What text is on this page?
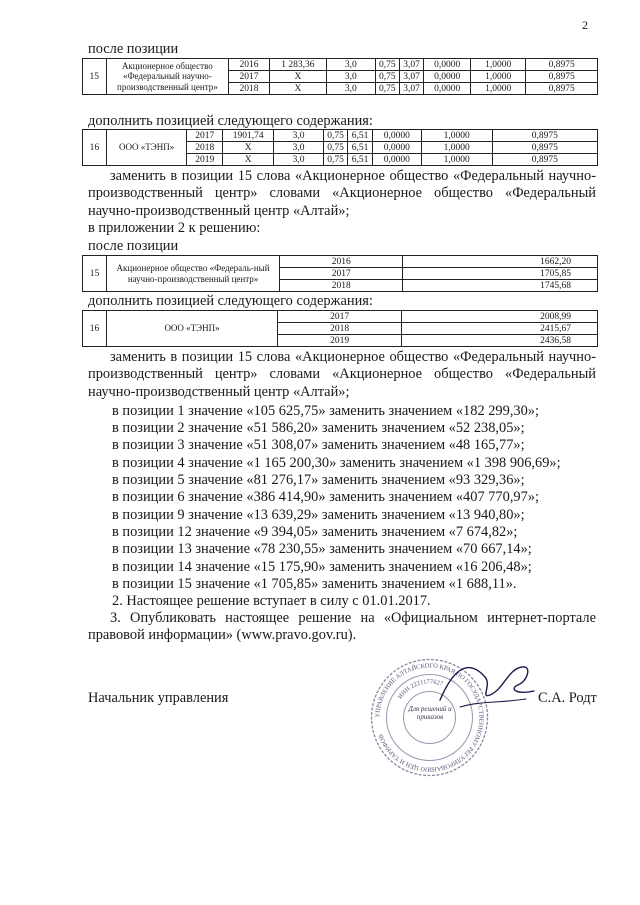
2
после позиции
15	Акционерное общество «Федеральный научно-производственный центр»	2016	1 283,36	3,0	0,75	3,07	0,0000	1,0000	0,8975
		2017	X	3,0	0,75	3,07	0,0000	1,0000	0,8975
		2018	X	3,0	0,75	3,07	0,0000	1,0000	0,8975
дополнить позицией следующего содержания:
16	ООО «ТЭНП»	2017	1901,74	3,0	0,75	6,51	0,0000	1,0000	0,8975
		2018	X	3,0	0,75	6,51	0,0000	1,0000	0,8975
		2019	X	3,0	0,75	6,51	0,0000	1,0000	0,8975
заменить в позиции 15 слова «Акционерное общество «Федеральный научно-производственный центр» словами «Акционерное общество «Федеральный научно-производственный центр «Алтай»;
в приложении 2 к решению:
после позиции
15	Акционерное общество «Федераль-ный научно-производственный центр»	2016	1662,20
		2017	1705,85
		2018	1745,68
дополнить позицией следующего содержания:
16	ООО «ТЭНП»	2017	2008,99
		2018	2415,67
		2019	2436,58
заменить в позиции 15 слова «Акционерное общество «Федеральный научно-производственный центр» словами «Акционерное общество «Федеральный научно-производственный центр «Алтай»;
в позиции 1 значение «105 625,75» заменить значением «182 299,30»;
в позиции 2 значение «51 586,20» заменить значением «52 238,05»;
в позиции 3 значение «51 308,07» заменить значением «48 165,77»;
в позиции 4 значение «1 165 200,30» заменить значением «1 398 906,69»;
в позиции 5 значение «81 276,17» заменить значением «93 329,36»;
в позиции 6 значение «386 414,90» заменить значением «407 770,97»;
в позиции 9 значение «13 639,29» заменить значением «13 940,80»;
в позиции 12 значение «9 394,05» заменить значением «7 674,82»;
в позиции 13 значение «78 230,55» заменить значением «70 667,14»;
в позиции 14 значение «15 175,90» заменить значением «16 206,48»;
в позиции 15 значение «1 705,85» заменить значением «1 688,11».
2. Настоящее решение вступает в силу с 01.01.2017.
3. Опубликовать настоящее решение на «Официальном интернет-портале правовой информации» (www.pravo.gov.ru).
УПРАВЛЕНИЕ АЛТАЙСКОГО КРАЯ ПО ГОСУДАРСТВЕННОМУ РЕГУЛИРОВАНИЮ ЦЕН И ТАРИФОВ
ИНН 2221177627
Для решений и приказов
Начальник управления	С.А. Родт
